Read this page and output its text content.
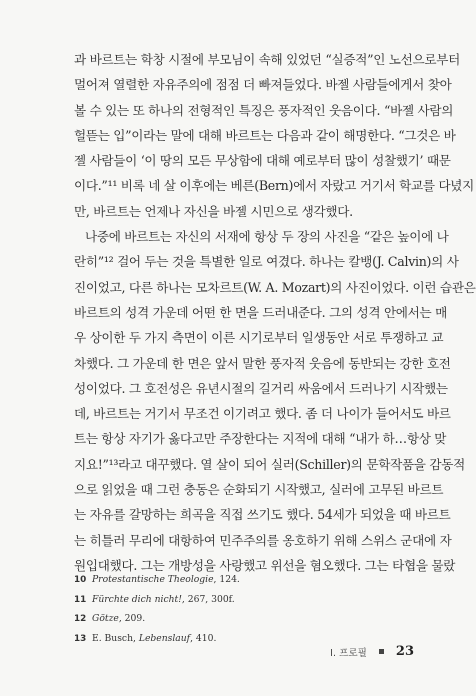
과 바르트는 학창 시절에 부모님이 속해 있었던 “실증적”인 노선으로부터
멀어져 열렬한 자유주의에 점점 더 빠져들었다. 바젤 사람들에게서 찾아
볼 수 있는 또 하나의 전형적인 특징은 풍자적인 웃음이다. “바젤 사람의
헐뜯는 입”이라는 말에 대해 바르트는 다음과 같이 해명한다. “그것은 바
젤 사람들이 ‘이 땅의 모든 무상함에 대해 예로부터 많이 성찰했기’ 때문
이다.”¹¹ 비록 네 살 이후에는 베른(Bern)에서 자랐고 거기서 학교를 다녔지
만, 바르트는 언제나 자신을 바젤 시민으로 생각했다.
나중에 바르트는 자신의 서재에 항상 두 장의 사진을 “같은 높이에 나
란히”¹² 걸어 두는 것을 특별한 일로 여겼다. 하나는 칼뱅(J. Calvin)의 사
진이었고, 다른 하나는 모차르트(W. A. Mozart)의 사진이었다. 이런 습관은
바르트의 성격 가운데 어떤 한 면을 드러내준다. 그의 성격 안에서는 매
우 상이한 두 가지 측면이 이른 시기로부터 일생동안 서로 투쟁하고 교
차했다. 그 가운데 한 면은 앞서 말한 풍자적 웃음에 동반되는 강한 호전
성이었다. 그 호전성은 유년시절의 길거리 싸움에서 드러나기 시작했는
데, 바르트는 거기서 무조건 이기려고 했다. 좀 더 나이가 들어서도 바르
트는 항상 자기가 옳다고만 주장한다는 지적에 대해 “내가 하…항상 맞
지요!”¹³라고 대꾸했다. 열 살이 되어 실러(Schiller)의 문학작품을 감동적
으로 읽었을 때 그런 충동은 순화되기 시작했고, 실러에 고무된 바르트
는 자유를 갈망하는 희곡을 직접 쓰기도 했다. 54세가 되었을 때 바르트
는 히틀러 무리에 대항하여 민주주의를 옹호하기 위해 스위스 군대에 자
원입대했다. 그는 개방성을 사랑했고 위선을 혐오했다. 그는 타협을 물랐
10 Protestantische Theologie, 124.
11 Fürchte dich nicht!, 267, 300f.
12 Götze, 209.
13 E. Busch, Lebenslauf, 410.
I. 프로필 23
